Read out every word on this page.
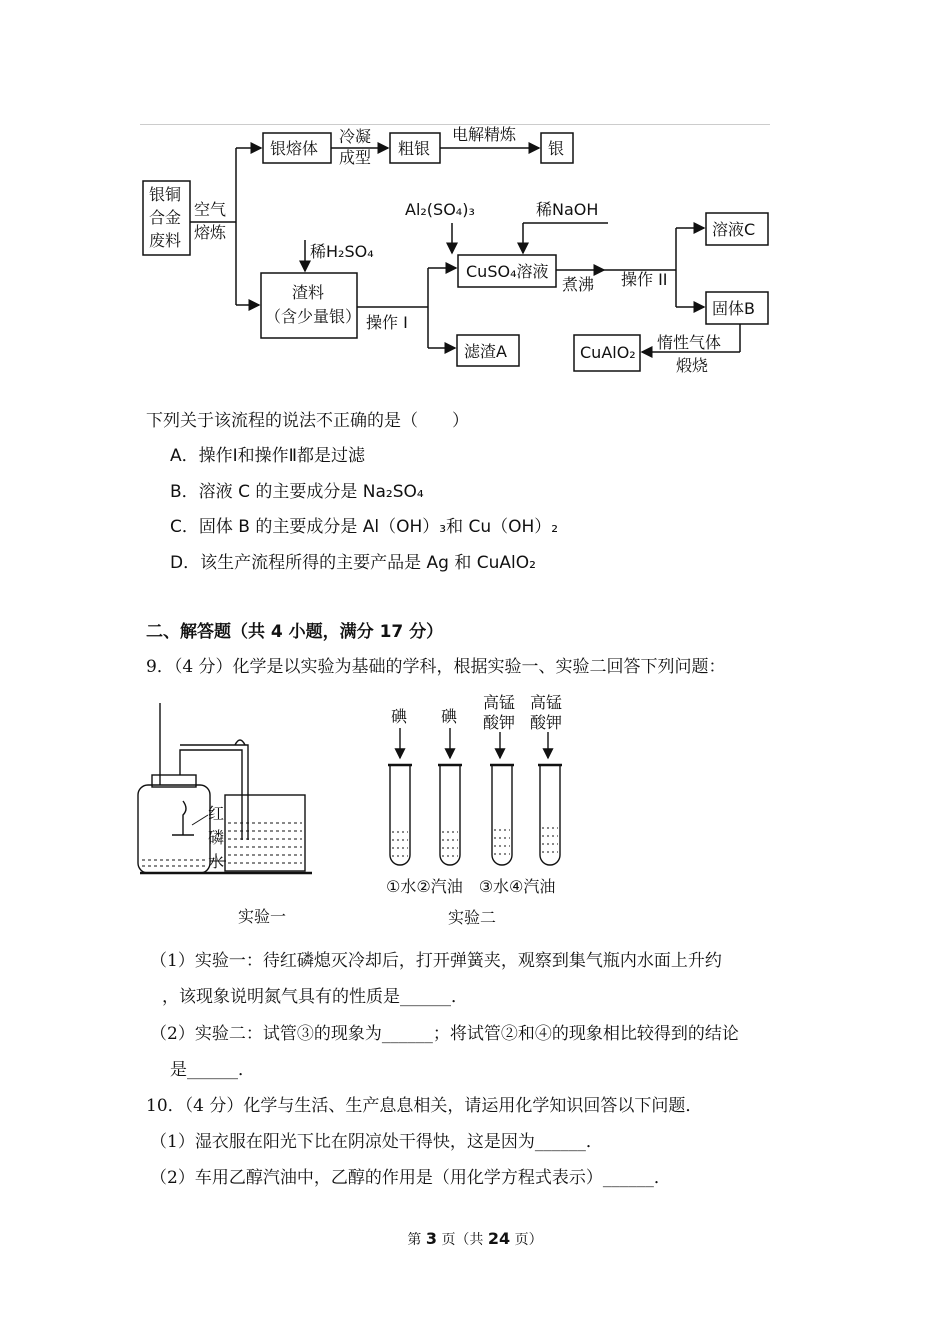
银铜
合金
废料
空气
熔炼
银熔体
冷凝
成型 粗银
电解精炼
银
稀H₂SO₄
渣料
（含少量银） 操作 I
Al₂(SO₄)₃	稀NaOH
CuSO₄溶液
煮沸 操作 II
溶液C
固体B
滤渣A	惰性气体
煅烧
CuAlO₂
下列关于该流程的说法不正确的是（　　）
A．操作Ⅰ和操作Ⅱ都是过滤
B．溶液 C 的主要成分是 Na₂SO₄
C．固体 B 的主要成分是 Al（OH）₃和 Cu（OH）₂
D．该生产流程所得的主要产品是 Ag 和 CuAlO₂
二、解答题（共 4 小题，满分 17 分）
9．（4 分）化学是以实验为基础的学科，根据实验一、实验二回答下列问题：
红
磷
水
实验一
碘 碘
高锰
酸钾
高锰
酸钾
①水②汽油　③水④汽油
实验二
（1）实验一：待红磷熄灭冷却后，打开弹簧夹，观察到集气瓶内水面上升约
，该现象说明氮气具有的性质是______．
（2）实验二：试管③的现象为______；将试管②和④的现象相比较得到的结论
是______．
10．（4 分）化学与生活、生产息息相关，请运用化学知识回答以下问题．
（1）湿衣服在阳光下比在阴凉处干得快，这是因为______．
（2）车用乙醇汽油中，乙醇的作用是（用化学方程式表示）______．
第 3 页（共 24 页）
